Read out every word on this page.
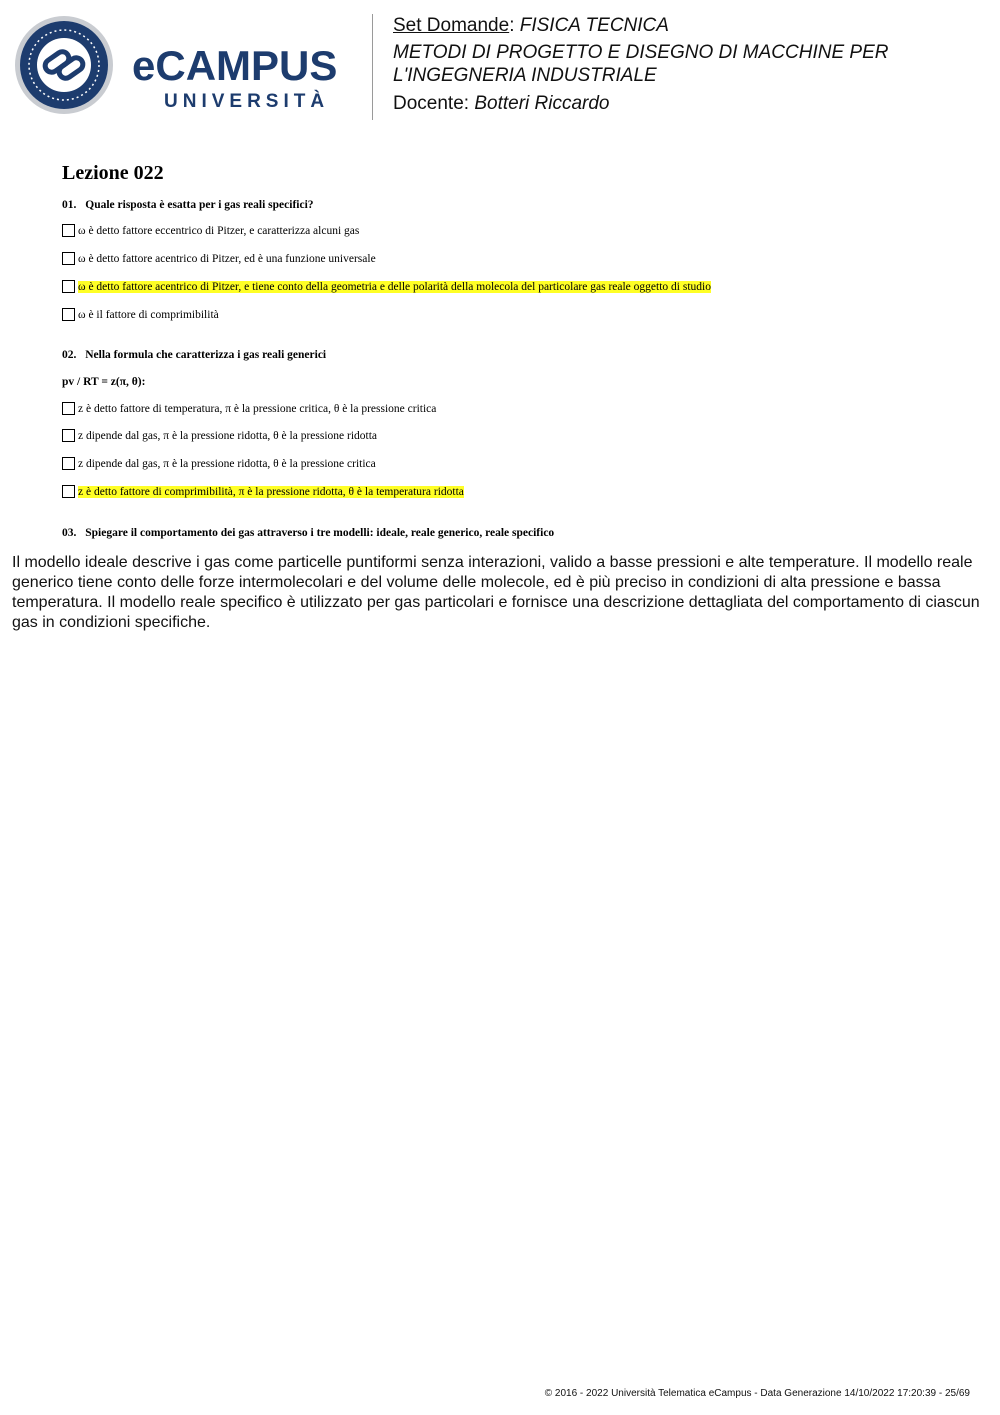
eCAMPUS
UNIVERSITÀ
Set Domande: FISICA TECNICA
METODI DI PROGETTO E DISEGNO DI MACCHINE PER
L'INGEGNERIA INDUSTRIALE
Docente: Botteri Riccardo
Lezione 022
01. Quale risposta è esatta per i gas reali specifici?
ω è detto fattore eccentrico di Pitzer, e caratterizza alcuni gas
ω è detto fattore acentrico di Pitzer, ed è una funzione universale
ω è detto fattore acentrico di Pitzer, e tiene conto della geometria e delle polarità della molecola del particolare gas reale oggetto di studio
ω è il fattore di comprimibilità
02. Nella formula che caratterizza i gas reali generici
pv / RT = z(π, θ):
z è detto fattore di temperatura, π è la pressione critica, θ è la pressione critica
z dipende dal gas, π è la pressione ridotta, θ è la pressione ridotta
z dipende dal gas, π è la pressione ridotta, θ è la pressione critica
z è detto fattore di comprimibilità, π è la pressione ridotta, θ è la temperatura ridotta
03. Spiegare il comportamento dei gas attraverso i tre modelli: ideale, reale generico, reale specifico
Il modello ideale descrive i gas come particelle puntiformi senza interazioni, valido a basse pressioni e alte temperature. Il modello reale generico tiene conto delle forze intermolecolari e del volume delle molecole, ed è più preciso in condizioni di alta pressione e bassa temperatura. Il modello reale specifico è utilizzato per gas particolari e fornisce una descrizione dettagliata del comportamento di ciascun gas in condizioni specifiche.
© 2016 - 2022 Università Telematica eCampus - Data Generazione 14/10/2022 17:20:39 - 25/69
